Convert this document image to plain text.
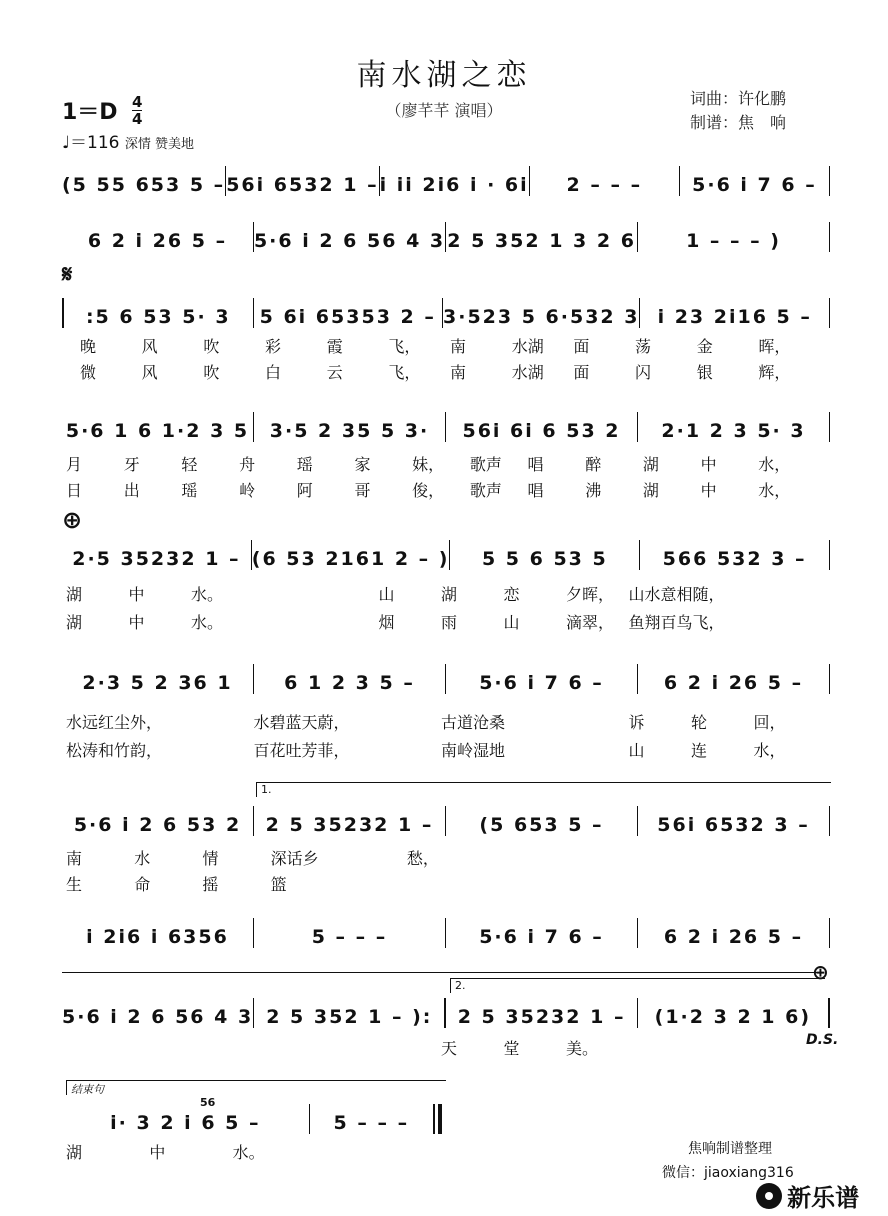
南水湖之恋
（廖芊芊 演唱）
词曲：许化鹏
制谱：焦　响
1＝D 4
4
♩＝116 深情 赞美地
(5 55 653 5 – 56i 6532 1 – i ii 2i6 i · 6i	2 – – –	5·6 i 7 6 –
6 2 i 26 5 –	5·6 i 2 6 56 4 3 2 5 352 1 3 2 6	1 – – – )
𝄋
:5 6 53 5· 3	5 6i 65353 2 – 3·523 5 6·532 3 i 23 2i16 5 –
晚	风	吹	彩	霞	飞，	南	水湖	面	荡	金	晖，
微	风	吹	白	云	飞，	南	水湖	面	闪	银	辉，
5·6 1 6 1·2 3 5	3·5 2 35 5 3·	56i 6i 6 53 2	2·1 2 3 5· 3
月	牙	轻	舟	瑶	家	妹，	歌声	唱	醉	湖	中	水，
日	出	瑶	岭	阿	哥	俊，	歌声	唱	沸	湖	中	水，
⊕
2·5 35232 1 – (6 53 2161 2 – )	5 5 6 53 5	566 532 3 –
湖	中	水。	山	湖	恋	夕晖， 山水意相随，
湖	中	水。	烟	雨	山	滴翠， 鱼翔百鸟飞，
2·3 5 2 36 1	6 1 2 3 5 –	5·6 i 7 6 –	6 2 i 26 5 –
水远红尘外，	水碧蓝天蔚，	古道沧桑	诉	轮	回，
松涛和竹韵，	百花吐芳菲，	南岭湿地	山	连	水，
1.
5·6 i 2 6 53 2	2 5 35232 1 –	(5 653 5 –	56i 6532 3 –
南	水	情	深话乡	愁，
生	命	摇	篮
i 2i6 i 6356	5 – – –	5·6 i 7 6 –	6 2 i 26 5 –
⊕
2.
5·6 i 2 6 56 4 3 2 5 352 1 – ):	2 5 35232 1 –	(1·2 3 2 1 6)
天	堂	美。	D.S.
结束句
56
i· 3 2 i 6 5 –	5 – – –
湖	中	水。	焦响制谱整理
微信：jiaoxiang316
新乐谱
